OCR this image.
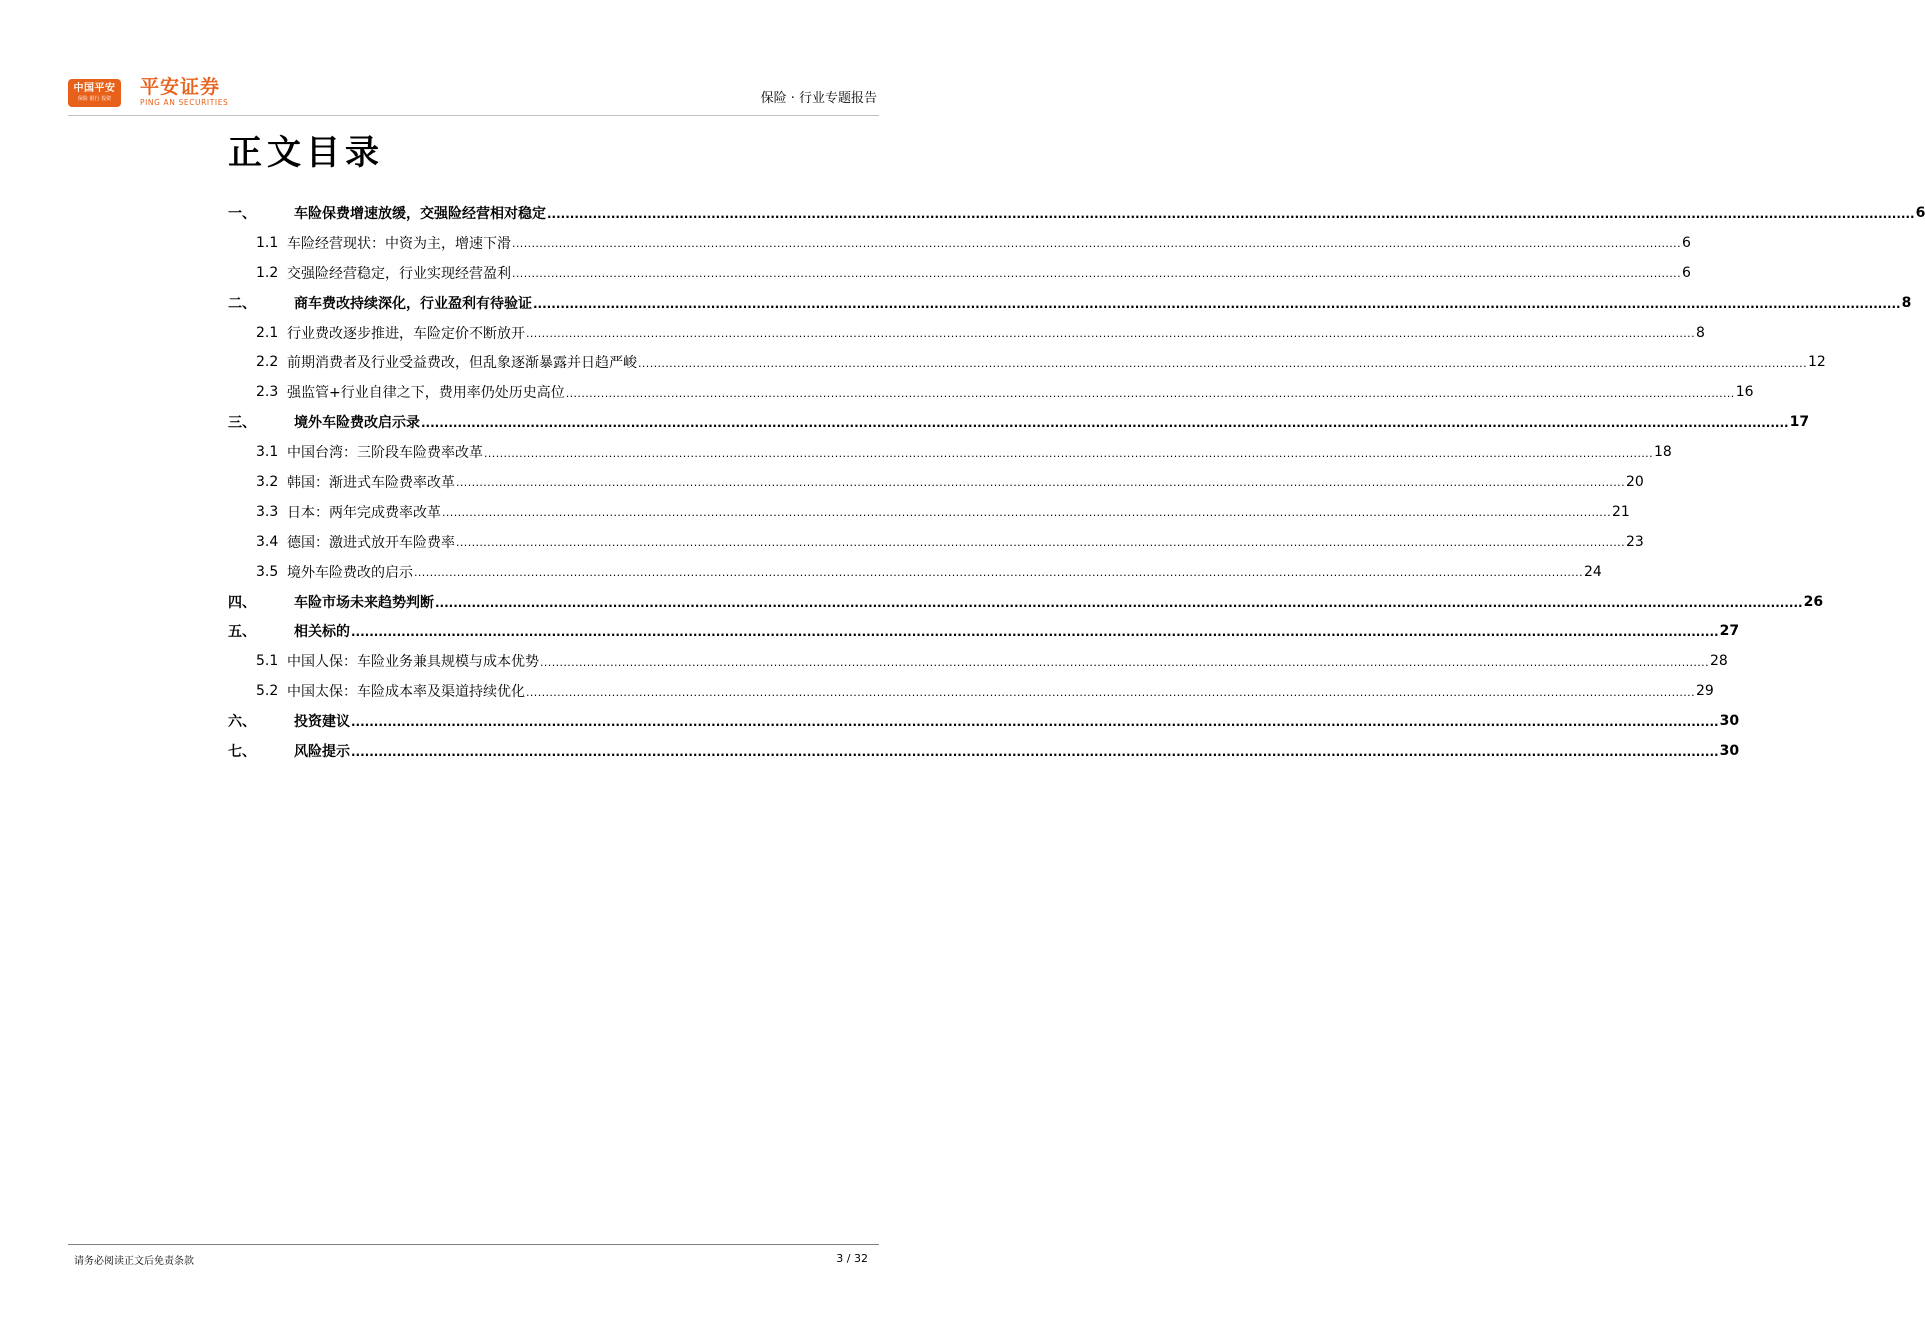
中国平安
保险 银行 投资
平安证券
PING AN SECURITIES	保险 · 行业专题报告
正文目录
一、	车险保费增速放缓，交强险经营相对稳定 ............................................................................................................................................................................................................................................................................................................ 6
1.1 车险经营现状：中资为主，增速下滑 ............................................................................................................................................................................................................................................................................................................ 6
1.2 交强险经营稳定，行业实现经营盈利 ............................................................................................................................................................................................................................................................................................................ 6
二、	商车费改持续深化，行业盈利有待验证 ............................................................................................................................................................................................................................................................................................................ 8
2.1 行业费改逐步推进，车险定价不断放开 ............................................................................................................................................................................................................................................................................................................ 8
2.2 前期消费者及行业受益费改，但乱象逐渐暴露并日趋严峻 ............................................................................................................................................................................................................................................................................................................ 12
2.3 强监管+行业自律之下，费用率仍处历史高位 ............................................................................................................................................................................................................................................................................................................ 16
三、	境外车险费改启示录 ............................................................................................................................................................................................................................................................................................................ 17
3.1 中国台湾：三阶段车险费率改革 ............................................................................................................................................................................................................................................................................................................ 18
3.2 韩国：渐进式车险费率改革 ............................................................................................................................................................................................................................................................................................................ 20
3.3 日本：两年完成费率改革 ............................................................................................................................................................................................................................................................................................................ 21
3.4 德国：激进式放开车险费率 ............................................................................................................................................................................................................................................................................................................ 23
3.5 境外车险费改的启示 ............................................................................................................................................................................................................................................................................................................ 24
四、	车险市场未来趋势判断 ............................................................................................................................................................................................................................................................................................................ 26
五、	相关标的 ............................................................................................................................................................................................................................................................................................................ 27
5.1 中国人保：车险业务兼具规模与成本优势 ............................................................................................................................................................................................................................................................................................................ 28
5.2 中国太保：车险成本率及渠道持续优化 ............................................................................................................................................................................................................................................................................................................ 29
六、	投资建议 ............................................................................................................................................................................................................................................................................................................ 30
七、	风险提示 ............................................................................................................................................................................................................................................................................................................ 30
请务必阅读正文后免责条款	3 / 32
